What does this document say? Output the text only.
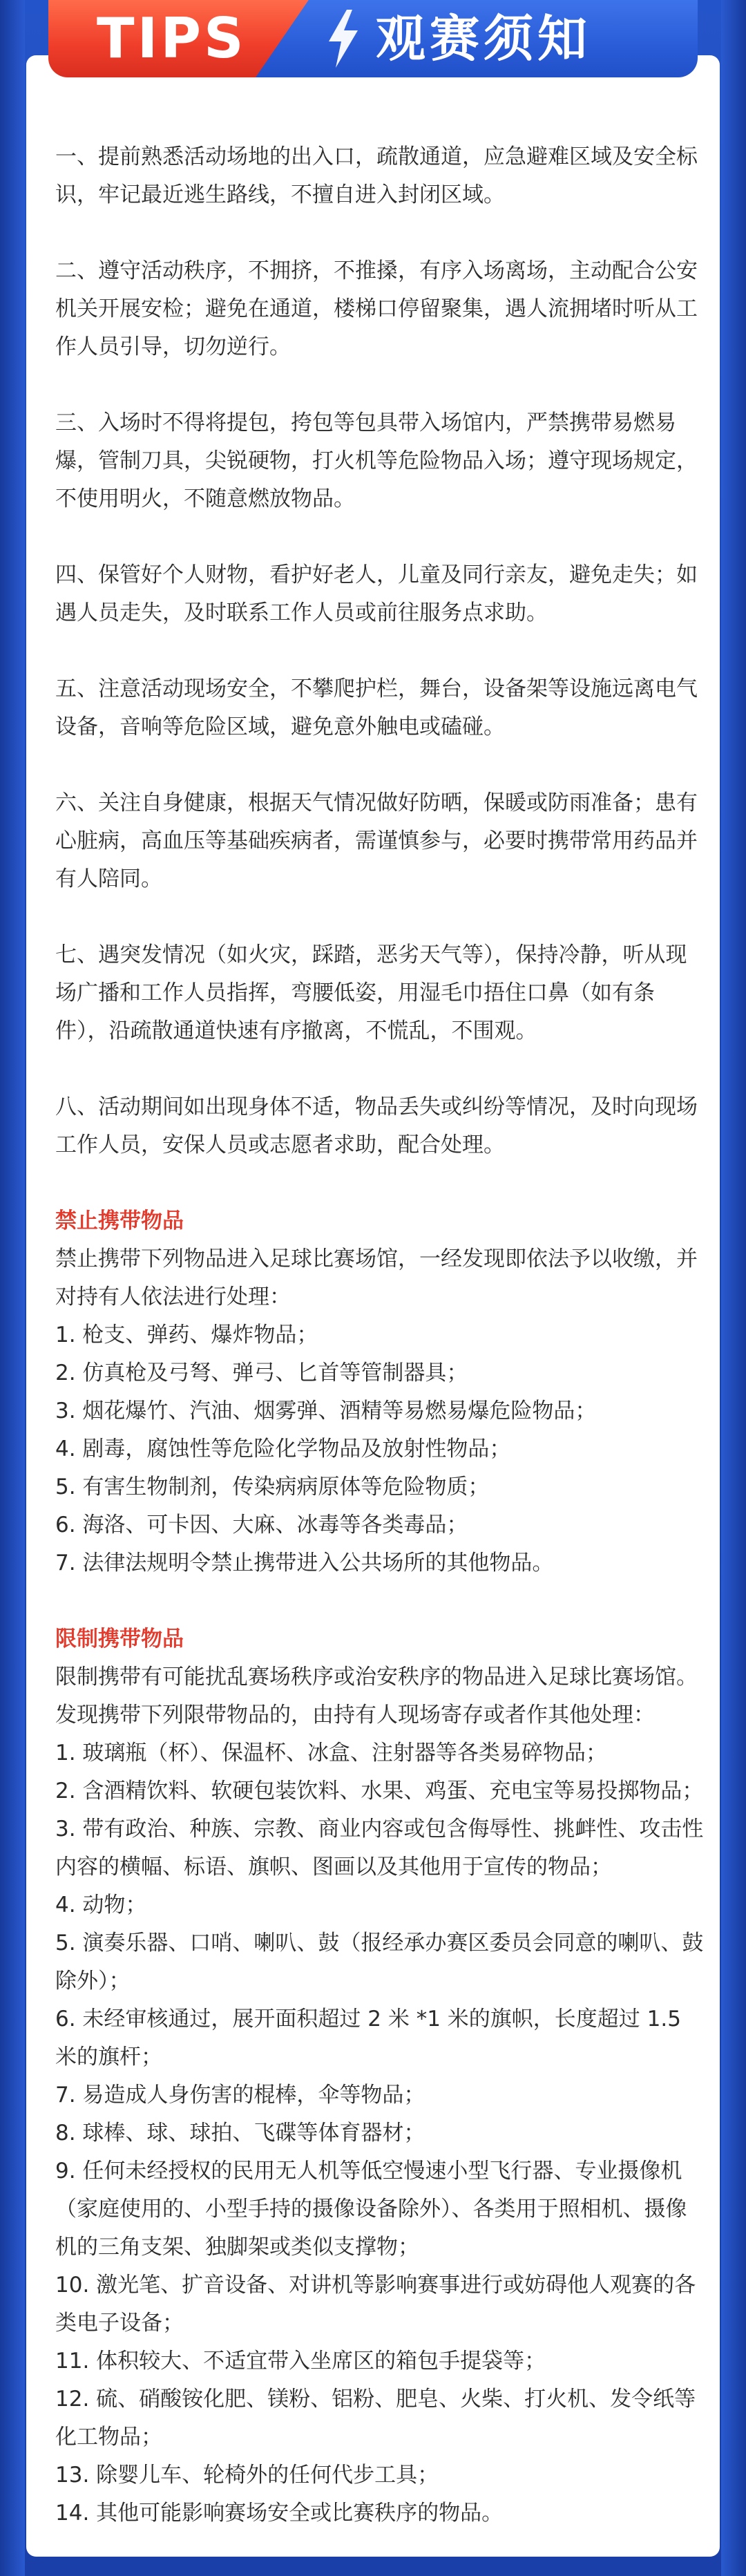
TIPS	观赛须知

一、提前熟悉活动场地的出入口，疏散通道，应急避难区域及安全标识，牢记最近逃生路线，不擅自进入封闭区域。

二、遵守活动秩序，不拥挤，不推搡，有序入场离场，主动配合公安机关开展安检；避免在通道，楼梯口停留聚集，遇人流拥堵时听从工作人员引导，切勿逆行。

三、入场时不得将提包，挎包等包具带入场馆内，严禁携带易燃易爆，管制刀具，尖锐硬物，打火机等危险物品入场；遵守现场规定，不使用明火，不随意燃放物品。

四、保管好个人财物，看护好老人，儿童及同行亲友，避免走失；如遇人员走失，及时联系工作人员或前往服务点求助。

五、注意活动现场安全，不攀爬护栏，舞台，设备架等设施远离电气设备，音响等危险区域，避免意外触电或磕碰。

六、关注自身健康，根据天气情况做好防晒，保暖或防雨准备；患有心脏病，高血压等基础疾病者，需谨慎参与，必要时携带常用药品并有人陪同。

七、遇突发情况（如火灾，踩踏，恶劣天气等），保持冷静，听从现场广播和工作人员指挥，弯腰低姿，用湿毛巾捂住口鼻（如有条件），沿疏散通道快速有序撤离，不慌乱，不围观。

八、活动期间如出现身体不适，物品丢失或纠纷等情况，及时向现场工作人员，安保人员或志愿者求助，配合处理。

禁止携带物品

禁止携带下列物品进入足球比赛场馆，一经发现即依法予以收缴，并对持有人依法进行处理：

1. 枪支、弹药、爆炸物品；

2. 仿真枪及弓弩、弹弓、匕首等管制器具；

3. 烟花爆竹、汽油、烟雾弹、酒精等易燃易爆危险物品；

4. 剧毒，腐蚀性等危险化学物品及放射性物品；

5. 有害生物制剂，传染病病原体等危险物质；

6. 海洛、可卡因、大麻、冰毒等各类毒品；

7. 法律法规明令禁止携带进入公共场所的其他物品。

限制携带物品

限制携带有可能扰乱赛场秩序或治安秩序的物品进入足球比赛场馆。发现携带下列限带物品的，由持有人现场寄存或者作其他处理：

1. 玻璃瓶（杯）、保温杯、冰盒、注射器等各类易碎物品；

2. 含酒精饮料、软硬包装饮料、水果、鸡蛋、充电宝等易投掷物品；

3. 带有政治、种族、宗教、商业内容或包含侮辱性、挑衅性、攻击性内容的横幅、标语、旗帜、图画以及其他用于宣传的物品；

4. 动物；

5. 演奏乐器、口哨、喇叭、鼓（报经承办赛区委员会同意的喇叭、鼓除外）；

6. 未经审核通过，展开面积超过 2 米 *1 米的旗帜，长度超过 1.5 米的旗杆；

7. 易造成人身伤害的棍棒，伞等物品；

8. 球棒、球、球拍、飞碟等体育器材；

9. 任何未经授权的民用无人机等低空慢速小型飞行器、专业摄像机（家庭使用的、小型手持的摄像设备除外）、各类用于照相机、摄像机的三角支架、独脚架或类似支撑物；

10. 激光笔、扩音设备、对讲机等影响赛事进行或妨碍他人观赛的各类电子设备；

11. 体积较大、不适宜带入坐席区的箱包手提袋等；

12. 硫、硝酸铵化肥、镁粉、铝粉、肥皂、火柴、打火机、发令纸等化工物品；

13. 除婴儿车、轮椅外的任何代步工具；

14. 其他可能影响赛场安全或比赛秩序的物品。
